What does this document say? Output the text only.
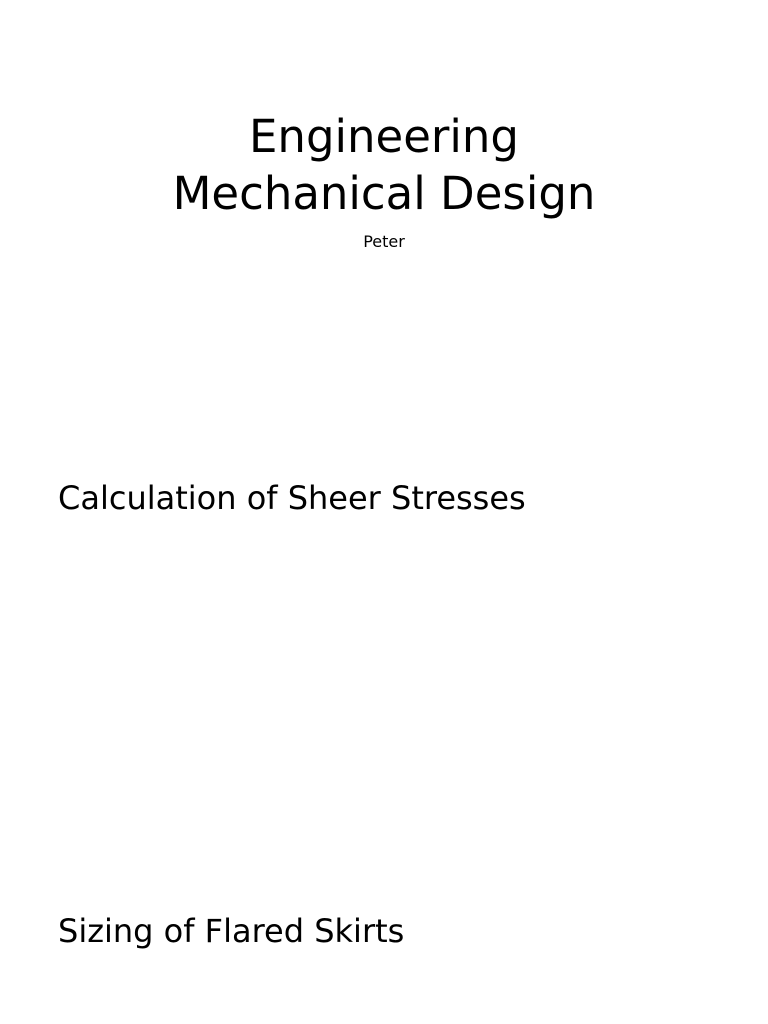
Engineering
Mechanical Design
Peter
Calculation of Sheer Stresses
Sizing of Flared Skirts
